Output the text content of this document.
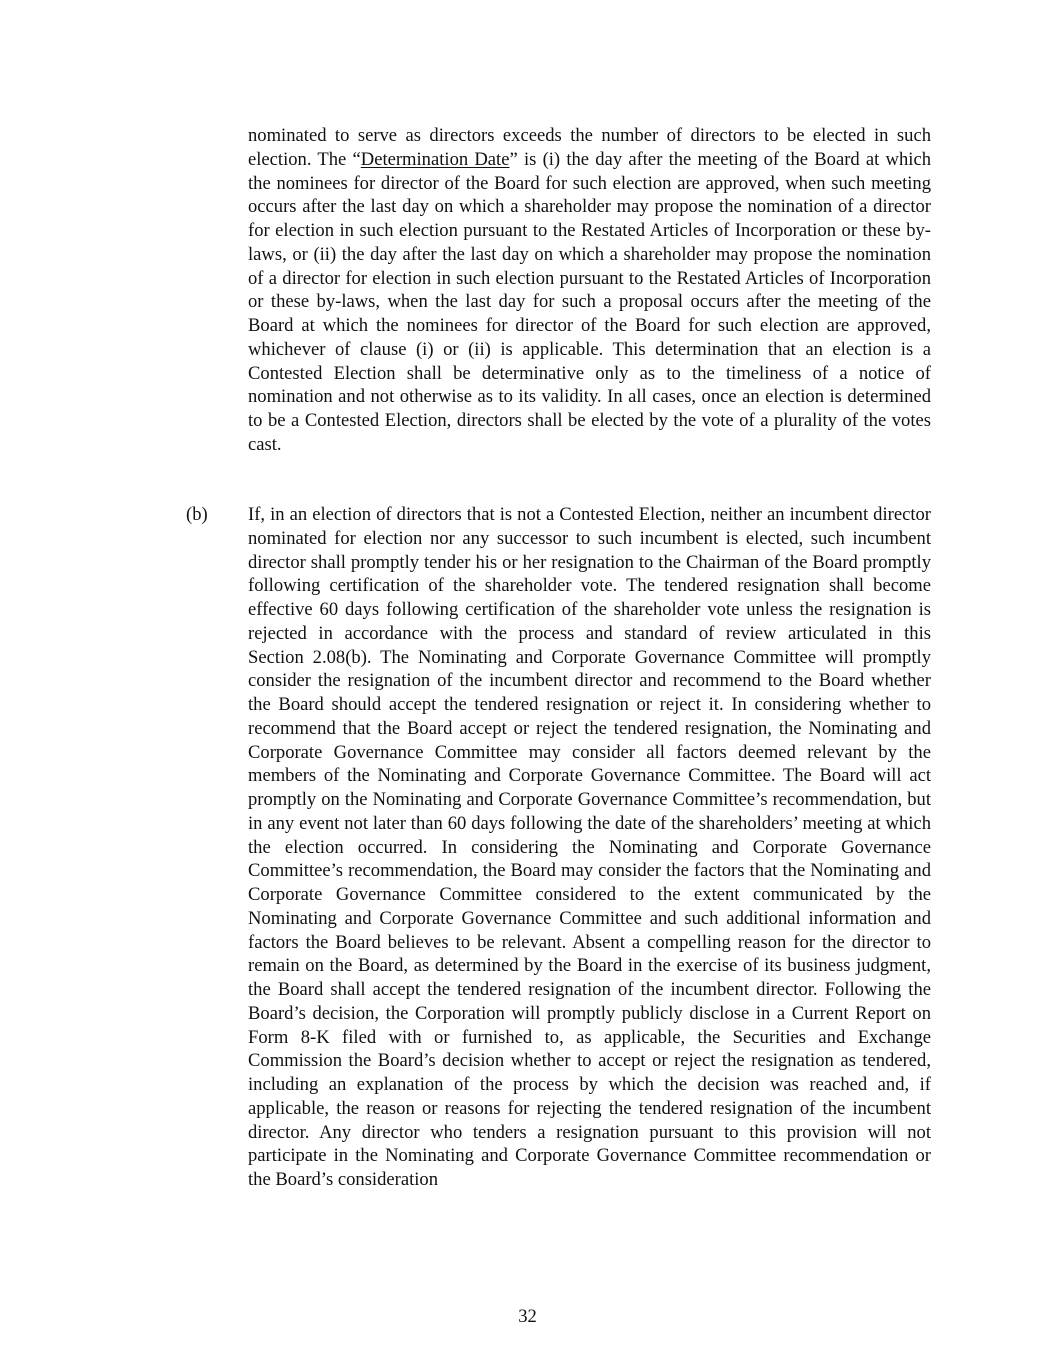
nominated to serve as directors exceeds the number of directors to be elected in such election. The “Determination Date” is (i) the day after the meeting of the Board at which the nominees for director of the Board for such election are approved, when such meeting occurs after the last day on which a shareholder may propose the nomination of a director for election in such election pursuant to the Restated Articles of Incorporation or these by-laws, or (ii) the day after the last day on which a shareholder may propose the nomination of a director for election in such election pursuant to the Restated Articles of Incorporation or these by-laws, when the last day for such a proposal occurs after the meeting of the Board at which the nominees for director of the Board for such election are approved, whichever of clause (i) or (ii) is applicable. This determination that an election is a Contested Election shall be determinative only as to the timeliness of a notice of nomination and not otherwise as to its validity. In all cases, once an election is determined to be a Contested Election, directors shall be elected by the vote of a plurality of the votes cast.

(b) If, in an election of directors that is not a Contested Election, neither an incumbent director nominated for election nor any successor to such incumbent is elected, such incumbent director shall promptly tender his or her resignation to the Chairman of the Board promptly following certification of the shareholder vote. The tendered resignation shall become effective 60 days following certification of the shareholder vote unless the resignation is rejected in accordance with the process and standard of review articulated in this Section 2.08(b). The Nominating and Corporate Governance Committee will promptly consider the resignation of the incumbent director and recommend to the Board whether the Board should accept the tendered resignation or reject it. In considering whether to recommend that the Board accept or reject the tendered resignation, the Nominating and Corporate Governance Committee may consider all factors deemed relevant by the members of the Nominating and Corporate Governance Committee. The Board will act promptly on the Nominating and Corporate Governance Committee’s recommendation, but in any event not later than 60 days following the date of the shareholders’ meeting at which the election occurred. In considering the Nominating and Corporate Governance Committee’s recommendation, the Board may consider the factors that the Nominating and Corporate Governance Committee considered to the extent communicated by the Nominating and Corporate Governance Committee and such additional information and factors the Board believes to be relevant. Absent a compelling reason for the director to remain on the Board, as determined by the Board in the exercise of its business judgment, the Board shall accept the tendered resignation of the incumbent director. Following the Board’s decision, the Corporation will promptly publicly disclose in a Current Report on Form 8-K filed with or furnished to, as applicable, the Securities and Exchange Commission the Board’s decision whether to accept or reject the resignation as tendered, including an explanation of the process by which the decision was reached and, if applicable, the reason or reasons for rejecting the tendered resignation of the incumbent director. Any director who tenders a resignation pursuant to this provision will not participate in the Nominating and Corporate Governance Committee recommendation or the Board’s consideration

32
